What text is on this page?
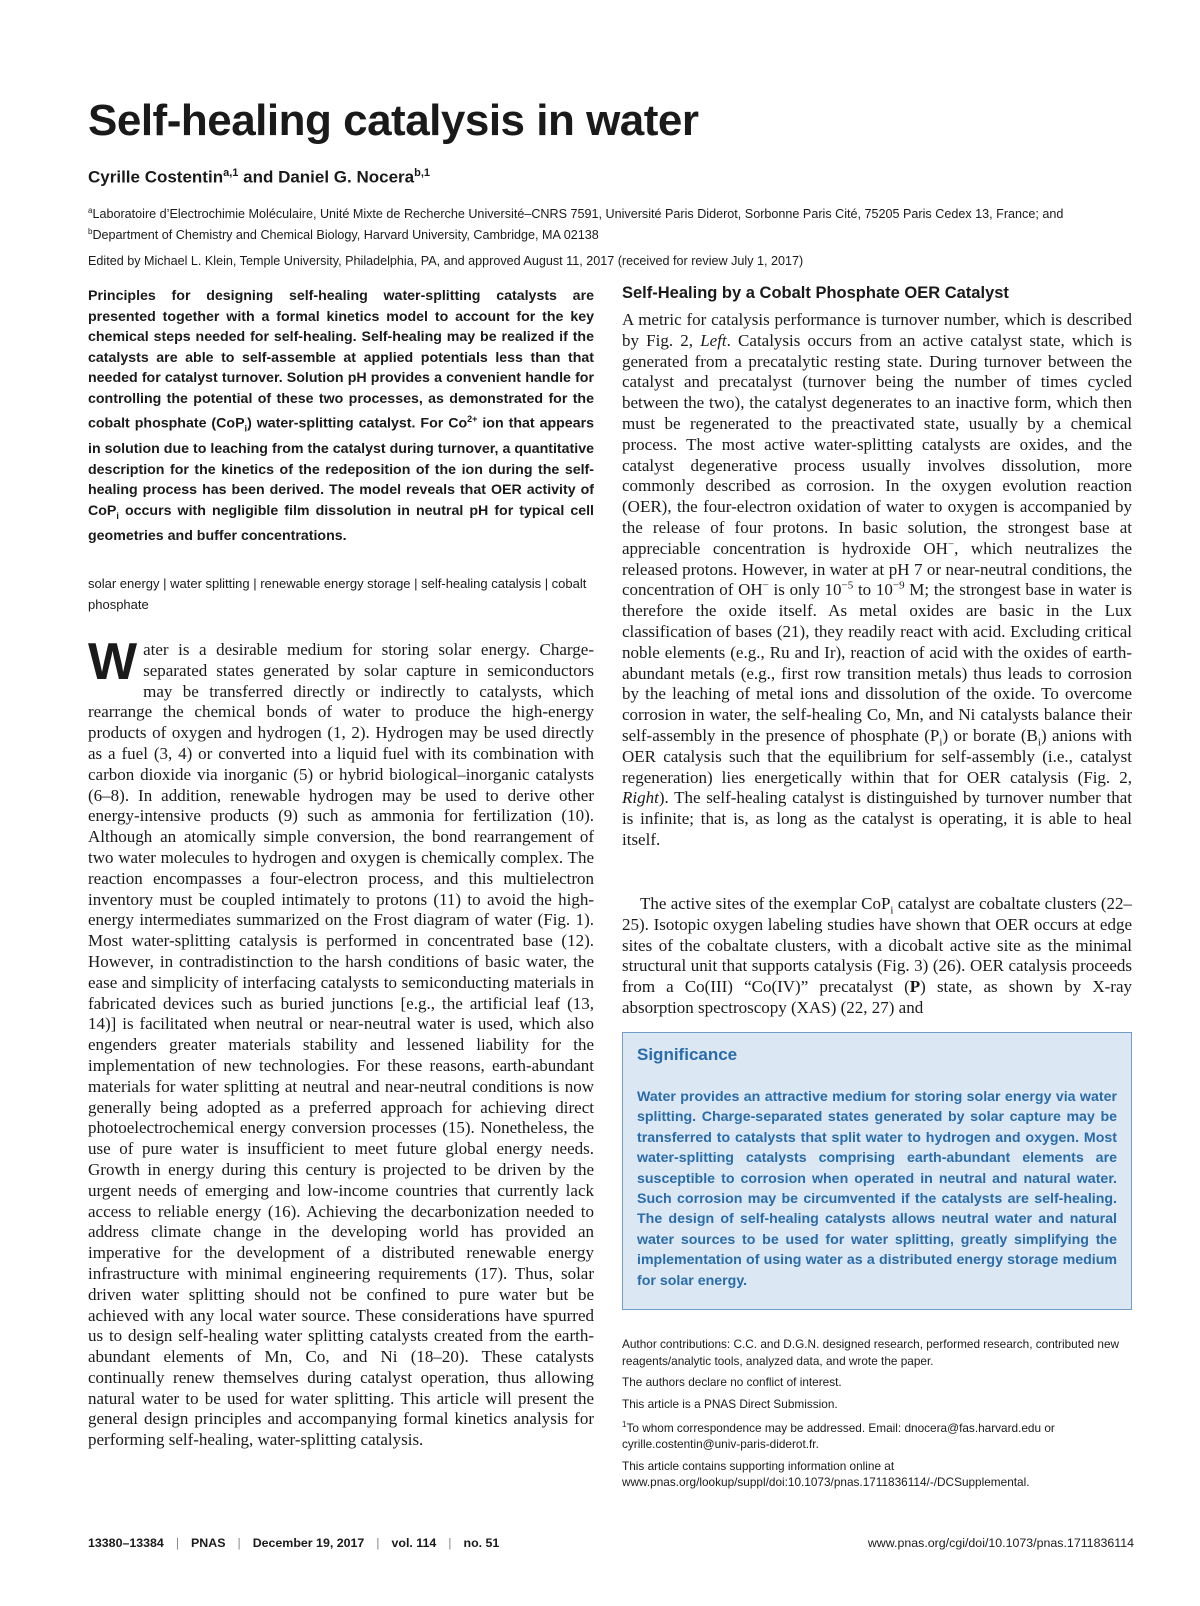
Self-healing catalysis in water
Cyrille Costentin$^{a,1}$ and Daniel G. Nocera$^{b,1}$
$^a$Laboratoire d’Electrochimie Moléculaire, Unité Mixte de Recherche Université–CNRS 7591, Université Paris Diderot, Sorbonne Paris Cité, 75205 Paris Cedex 13, France; and $^b$Department of Chemistry and Chemical Biology, Harvard University, Cambridge, MA 02138
Edited by Michael L. Klein, Temple University, Philadelphia, PA, and approved August 11, 2017 (received for review July 1, 2017)

Principles for designing self-healing water-splitting catalysts are presented together with a formal kinetics model to account for the key chemical steps needed for self-healing. Self-healing may be realized if the catalysts are able to self-assemble at applied potentials less than that needed for catalyst turnover. Solution pH provides a convenient handle for controlling the potential of these two processes, as demonstrated for the cobalt phosphate (CoP$_i$) water-splitting catalyst. For $Co^{2+}$ ion that appears in solution due to leaching from the catalyst during turnover, a quantitative description for the kinetics of the redeposition of the ion during the self-healing process has been derived. The model reveals that OER activity of CoP$_i$ occurs with negligible film dissolution in neutral pH for typical cell geometries and buffer concentrations.

solar energy | water splitting | renewable energy storage | self-healing catalysis | cobalt phosphate

Water is a desirable medium for storing solar energy. Charge-separated states generated by solar capture in semiconductors may be transferred directly or indirectly to catalysts, which rearrange the chemical bonds of water to produce the high-energy products of oxygen and hydrogen (1, 2). Hydrogen may be used directly as a fuel (3, 4) or converted into a liquid fuel with its combination with carbon dioxide via inorganic (5) or hybrid biological–inorganic catalysts (6–8). In addition, renewable hydrogen may be used to derive other energy-intensive products (9) such as ammonia for fertilization (10). Although an atomically simple conversion, the bond rearrangement of two water molecules to hydrogen and oxygen is chemically complex. The reaction encompasses a four-electron process, and this multielectron inventory must be coupled intimately to protons (11) to avoid the high-energy intermediates summarized on the Frost diagram of water (Fig. 1). Most water-splitting catalysis is performed in concentrated base (12). However, in contradistinction to the harsh conditions of basic water, the ease and simplicity of interfacing catalysts to semiconducting materials in fabricated devices such as buried junctions [e.g., the artificial leaf (13, 14)] is facilitated when neutral or near-neutral water is used, which also engenders greater materials stability and lessened liability for the implementation of new technologies. For these reasons, earth-abundant materials for water splitting at neutral and near-neutral conditions is now generally being adopted as a preferred approach for achieving direct photoelectrochemical energy conversion processes (15). Nonetheless, the use of pure water is insufficient to meet future global energy needs. Growth in energy during this century is projected to be driven by the urgent needs of emerging and low-income countries that currently lack access to reliable energy (16). Achieving the decarbonization needed to address climate change in the developing world has provided an imperative for the development of a distributed renewable energy infrastructure with minimal engineering requirements (17). Thus, solar driven water splitting should not be confined to pure water but be achieved with any local water source. These considerations have spurred us to design self-healing water splitting catalysts created from the earth-abundant elements of Mn, Co, and Ni (18–20). These catalysts continually renew themselves during catalyst operation, thus allowing natural water to be used for water splitting. This article will present the general design principles and accompanying formal kinetics analysis for performing self-healing, water-splitting catalysis.

Self-Healing by a Cobalt Phosphate OER Catalyst

A metric for catalysis performance is turnover number, which is described by Fig. 2, Left. Catalysis occurs from an active catalyst state, which is generated from a precatalytic resting state. During turnover between the catalyst and precatalyst (turnover being the number of times cycled between the two), the catalyst degenerates to an inactive form, which then must be regenerated to the preactivated state, usually by a chemical process. The most active water-splitting catalysts are oxides, and the catalyst degenerative process usually involves dissolution, more commonly described as corrosion. In the oxygen evolution reaction (OER), the four-electron oxidation of water to oxygen is accompanied by the release of four protons. In basic solution, the strongest base at appreciable concentration is hydroxide OH−, which neutralizes the released protons. However, in water at pH 7 or near-neutral conditions, the concentration of OH− is only $10^{-5}$ to $10^{-9}$ M; the strongest base in water is therefore the oxide itself. As metal oxides are basic in the Lux classification of bases (21), they readily react with acid. Excluding critical noble elements (e.g., Ru and Ir), reaction of acid with the oxides of earth-abundant metals (e.g., first row transition metals) thus leads to corrosion by the leaching of metal ions and dissolution of the oxide. To overcome corrosion in water, the self-healing Co, Mn, and Ni catalysts balance their self-assembly in the presence of phosphate $(P_i)$ or borate $(B_i)$ anions with OER catalysis such that the equilibrium for self-assembly (i.e., catalyst regeneration) lies energetically within that for OER catalysis (Fig. 2, Right). The self-healing catalyst is distinguished by turnover number that is infinite; that is, as long as the catalyst is operating, it is able to heal itself.

The active sites of the exemplar CoP$_i$ catalyst are cobaltate clusters (22–25). Isotopic oxygen labeling studies have shown that OER occurs at edge sites of the cobaltate clusters, with a dicobalt active site as the minimal structural unit that supports catalysis (Fig. 3) (26). OER catalysis proceeds from a Co(III) “Co(IV)” precatalyst (P) state, as shown by X-ray absorption spectroscopy (XAS) (22, 27) and

Significance

Water provides an attractive medium for storing solar energy via water splitting. Charge-separated states generated by solar capture may be transferred to catalysts that split water to hydrogen and oxygen. Most water-splitting catalysts comprising earth-abundant elements are susceptible to corrosion when operated in neutral and natural water. Such corrosion may be circumvented if the catalysts are self-healing. The design of self-healing catalysts allows neutral water and natural water sources to be used for water splitting, greatly simplifying the implementation of using water as a distributed energy storage medium for solar energy.

Author contributions: C.C. and D.G.N. designed research, performed research, contributed new reagents/analytic tools, analyzed data, and wrote the paper.

The authors declare no conflict of interest.

This article is a PNAS Direct Submission.

$^1$To whom correspondence may be addressed. Email: dnocera@fas.harvard.edu or cyrille.costentin@univ-paris-diderot.fr.

This article contains supporting information online at www.pnas.org/lookup/suppl/doi:10.1073/pnas.1711836114/-/DCSupplemental.

13380–13384 | PNAS | December 19, 2017 | vol. 114 | no. 51	www.pnas.org/cgi/doi/10.1073/pnas.1711836114
